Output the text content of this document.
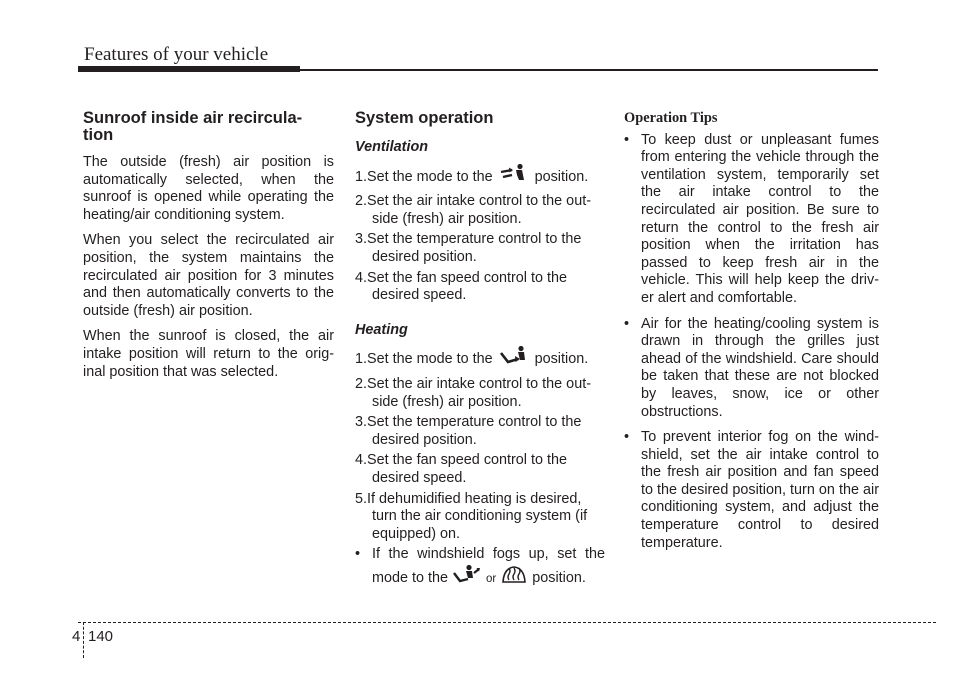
Features of your vehicle
Sunroof inside air recircula- tion

The outside (fresh) air position is automatically selected, when the sunroof is opened while operating the heating/air conditioning system.

When you select the recirculated air position, the system maintains the recirculated air position for 3 minutes and then automatically converts to the outside (fresh) air position.

When the sunroof is closed, the air intake position will return to the orig- inal position that was selected.

System operation
Ventilation
1.Set the mode to the	position.
2.Set the air intake control to the out- side (fresh) air position.
3.Set the temperature control to the desired position.
4.Set the fan speed control to the desired speed.
Heating
1.Set the mode to the	position.
2.Set the air intake control to the out- side (fresh) air position.
3.Set the temperature control to the desired position.
4.Set the fan speed control to the desired speed.
5.If dehumidified heating is desired, turn the air conditioning system (if equipped) on.
• If the windshield fogs up, set the mode to the	or	position.
Operation Tips
• To keep dust or unpleasant fumes from entering the vehicle through the ventilation system, temporarily set the air intake control to the recirculated air position. Be sure to return the control to the fresh air position when the irritation has passed to keep fresh air in the vehicle. This will help keep the driv- er alert and comfortable.
• Air for the heating/cooling system is drawn in through the grilles just ahead of the windshield. Care should be taken that these are not blocked by leaves, snow, ice or other obstructions.
• To prevent interior fog on the wind- shield, set the air intake control to the fresh air position and fan speed to the desired position, turn on the air conditioning system, and adjust the temperature control to desired temperature.
4 140
